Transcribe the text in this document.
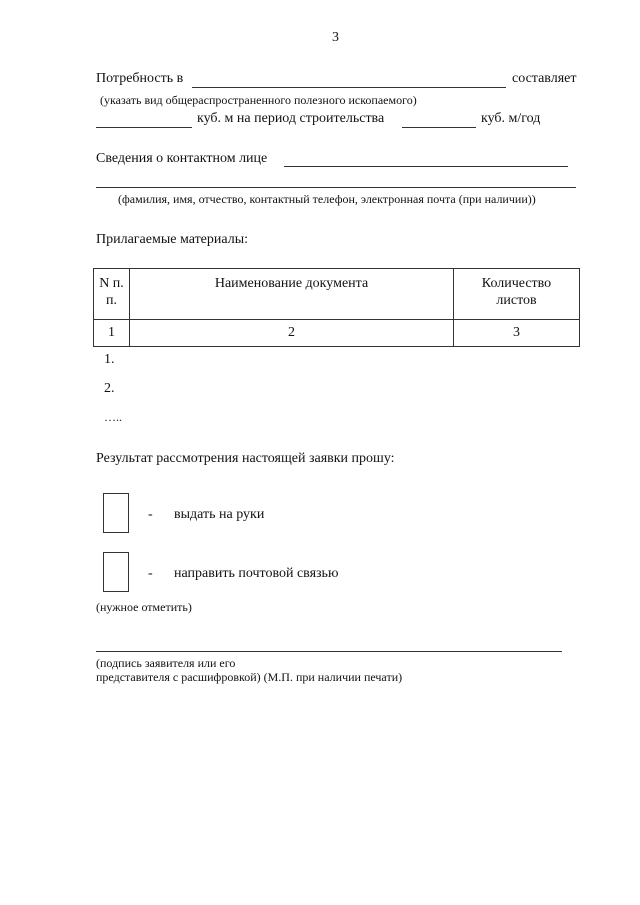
3
Потребность в	составляет
(указать вид общераспространенного полезного ископаемого)
куб. м на период строительства	куб. м/год
Сведения о контактном лице
(фамилия, имя, отчество, контактный телефон, электронная почта (при наличии))
Прилагаемые материалы:
N п.п.	Наименование документа	Количество листов
1	2	3
1.
2.
…..
Результат рассмотрения настоящей заявки прошу:
- выдать на руки
- направить почтовой связью
(нужное отметить)
(подпись заявителя или его
представителя с расшифровкой) (М.П. при наличии печати)
